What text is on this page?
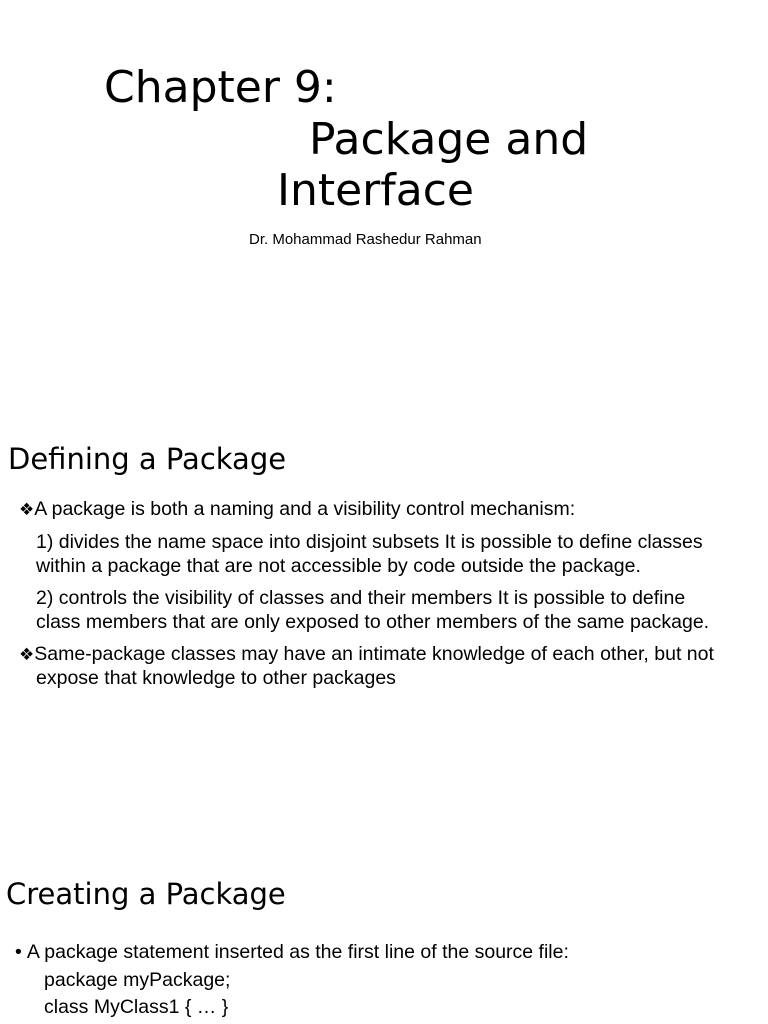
Chapter 9:
Package and
Interface
Dr. Mohammad Rashedur Rahman
Defining a Package
❖A package is both a naming and a visibility control mechanism:
1) divides the name space into disjoint subsets It is possible to define classes
within a package that are not accessible by code outside the package.
2) controls the visibility of classes and their members It is possible to define
class members that are only exposed to other members of the same package.
❖Same-package classes may have an intimate knowledge of each other, but not
expose that knowledge to other packages
Creating a Package
• A package statement inserted as the first line of the source file:
package myPackage;
class MyClass1 { … }
